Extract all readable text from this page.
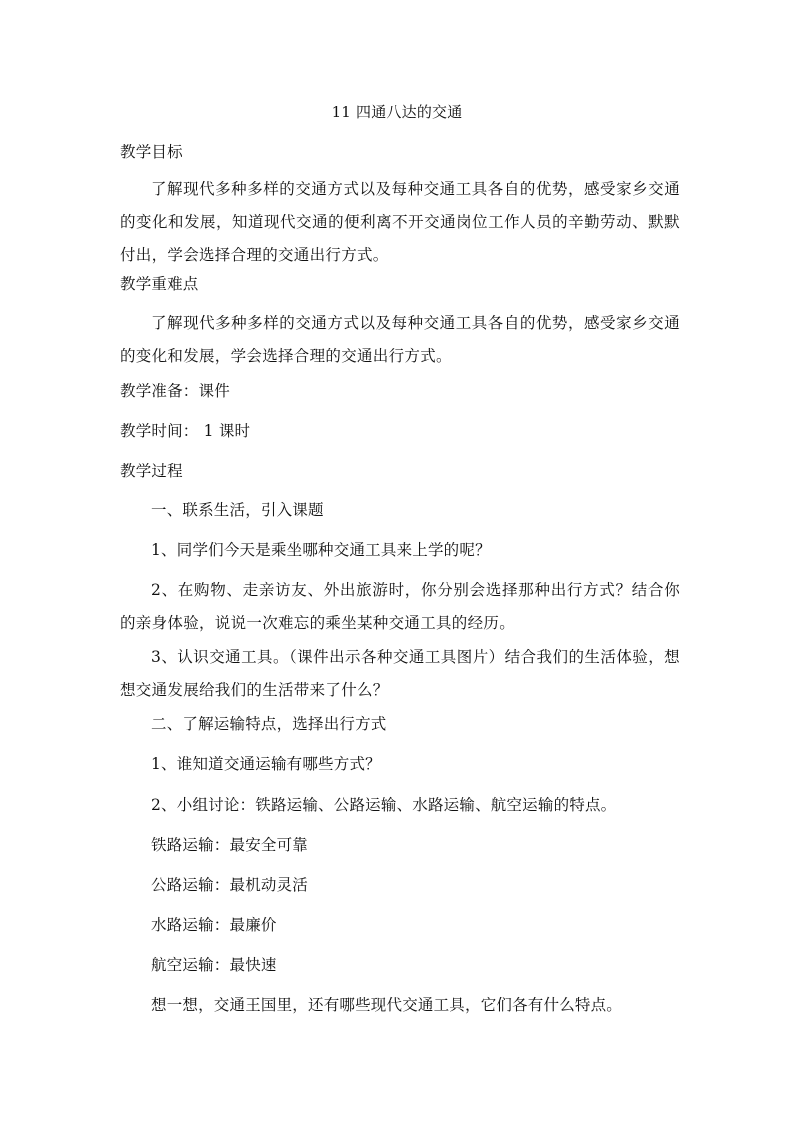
11 四通八达的交通
教学目标
了解现代多种多样的交通方式以及每种交通工具各自的优势，感受家乡交通的变化和发展，知道现代交通的便利离不开交通岗位工作人员的辛勤劳动、默默付出，学会选择合理的交通出行方式。
教学重难点
了解现代多种多样的交通方式以及每种交通工具各自的优势，感受家乡交通的变化和发展，学会选择合理的交通出行方式。
教学准备：课件
教学时间： 1 课时
教学过程
一、联系生活，引入课题
1、同学们今天是乘坐哪种交通工具来上学的呢？
2、在购物、走亲访友、外出旅游时，你分别会选择那种出行方式？结合你的亲身体验，说说一次难忘的乘坐某种交通工具的经历。
3、认识交通工具。（课件出示各种交通工具图片）结合我们的生活体验，想想交通发展给我们的生活带来了什么？
二、了解运输特点，选择出行方式
1、谁知道交通运输有哪些方式？
2、小组讨论：铁路运输、公路运输、水路运输、航空运输的特点。
铁路运输：最安全可靠
公路运输：最机动灵活
水路运输：最廉价
航空运输：最快速
想一想，交通王国里，还有哪些现代交通工具，它们各有什么特点。
